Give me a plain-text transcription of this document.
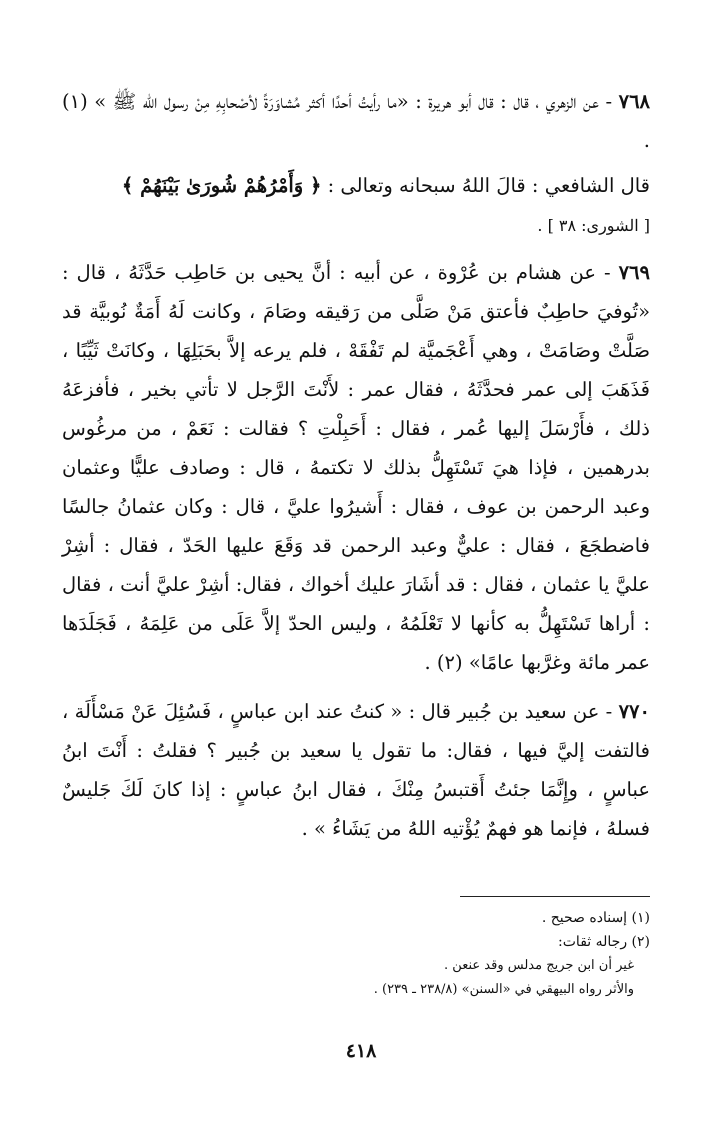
٧٦٨ - عن الزهري ، قال : قال أبو هريرة : «ما رأيتُ أحدًا أكثر مُشاوَرَةً لأصْحابِهِ مِنْ رسول الله ﷺ » (١) .

قال الشافعي : قالَ اللهُ سبحانه وتعالى : ﴿ وَأَمْرُهُمْ شُورَىٰ بَيْنَهُمْ ﴾

[ الشورى: ٣٨ ] .

٧٦٩ - عن هشام بن عُرْوة ، عن أبيه : أنَّ يحيى بن حَاطِب حَدَّثَهُ ، قال : «تُوفيَ حاطِبٌ فأعتق مَنْ صَلَّى من رَقيقه وصَامَ ، وكانت لَهُ أَمَةٌ نُوبيَّة قد صَلَّتْ وصَامَتْ ، وهي أَعْجَميَّة لم تَفْقَهْ ، فلم يرعه إلاَّ بحَبَلِهَا ، وكانَتْ ثَيِّبًا ، فَذَهَبَ إلى عمر فحدَّثَهُ ، فقال عمر : لأَنْتَ الرَّجل لا تأتي بخير ، فأفزعَهُ ذلك ، فأَرْسَلَ إليها عُمر ، فقال : أَحَبِلْتِ ؟ فقالت : نَعَمْ ، من مرغُوس بدرهمين ، فإذا هيَ تَسْتَهِلُّ بذلك لا تكتمهُ ، قال : وصادف عليًّا وعثمان وعبد الرحمن بن عوف ، فقال : أَشيرُوا عليَّ ، قال : وكان عثمانُ جالسًا فاضطجَعَ ، فقال : عليٌّ وعبد الرحمن قد وَقَعَ عليها الحَدّ ، فقال : أشِرْ عليَّ يا عثمان ، فقال : قد أشَارَ عليك أخواك ، فقال: أشِرْ عليَّ أنت ، فقال : أراها تَسْتَهِلُّ به كأنها لا تَعْلَمُهُ ، وليس الحدّ إلاَّ عَلَى من عَلِمَهُ ، فَجَلَدَها عمر مائة وغرَّبها عامًا» (٢) .

٧٧٠ - عن سعيد بن جُبير قال : « كنتُ عند ابن عباسٍ ، فَسُئِلَ عَنْ مَسْأَلَة ، فالتفت إليَّ فيها ، فقال: ما تقول يا سعيد بن جُبير ؟ فقلتُ : أَنْتَ ابنُ عباسٍ ، وإِنَّمَا جئتُ أَقتبسُ مِنْكَ ، فقال ابنُ عباسٍ : إذا كانَ لَكَ جَليسٌ فسلهُ ، فإنما هو فهمٌ يُؤْتيه اللهُ من يَشَاءُ » .

(١) إسناده صحيح .

(٢) رجاله ثقات:

غير أن ابن جريج مدلس وقد عنعن .

والأثر رواه البيهقي في «السنن» (٢٣٨/٨ ـ ٢٣٩) .

٤١٨
